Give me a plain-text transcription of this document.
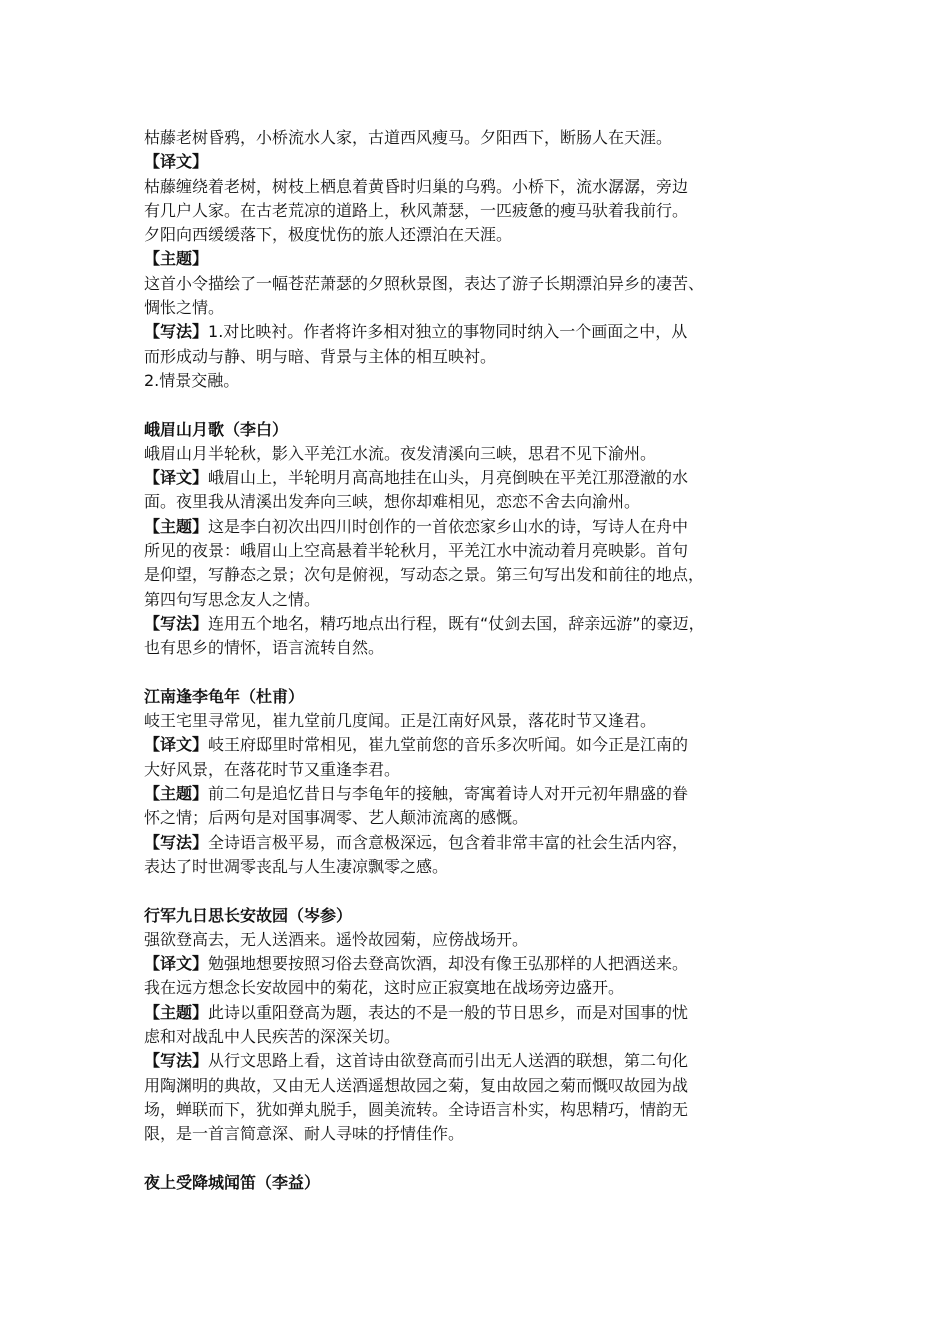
枯藤老树昏鸦，小桥流水人家，古道西风瘦马。夕阳西下，断肠人在天涯。
【译文】
枯藤缠绕着老树，树枝上栖息着黄昏时归巢的乌鸦。小桥下，流水潺潺，旁边
有几户人家。在古老荒凉的道路上，秋风萧瑟，一匹疲惫的瘦马驮着我前行。
夕阳向西缓缓落下，极度忧伤的旅人还漂泊在天涯。
【主题】
这首小令描绘了一幅苍茫萧瑟的夕照秋景图，表达了游子长期漂泊异乡的凄苦、
惆怅之情。
【写法】1.对比映衬。作者将许多相对独立的事物同时纳入一个画面之中，从
而形成动与静、明与暗、背景与主体的相互映衬。
2.情景交融。
峨眉山月歌（李白）
峨眉山月半轮秋，影入平羌江水流。夜发清溪向三峡，思君不见下渝州。
【译文】峨眉山上，半轮明月高高地挂在山头，月亮倒映在平羌江那澄澈的水
面。夜里我从清溪出发奔向三峡，想你却难相见，恋恋不舍去向渝州。
【主题】这是李白初次出四川时创作的一首依恋家乡山水的诗，写诗人在舟中
所见的夜景：峨眉山上空高悬着半轮秋月，平羌江水中流动着月亮映影。首句
是仰望，写静态之景；次句是俯视，写动态之景。第三句写出发和前往的地点，
第四句写思念友人之情。
【写法】连用五个地名，精巧地点出行程，既有“仗剑去国，辞亲远游”的豪迈，
也有思乡的情怀，语言流转自然。
江南逢李龟年（杜甫）
岐王宅里寻常见，崔九堂前几度闻。正是江南好风景，落花时节又逢君。
【译文】岐王府邸里时常相见，崔九堂前您的音乐多次听闻。如今正是江南的
大好风景，在落花时节又重逢李君。
【主题】前二句是追忆昔日与李龟年的接触，寄寓着诗人对开元初年鼎盛的眷
怀之情；后两句是对国事凋零、艺人颠沛流离的感慨。
【写法】全诗语言极平易，而含意极深远，包含着非常丰富的社会生活内容，
表达了时世凋零丧乱与人生凄凉飘零之感。
行军九日思长安故园（岑参）
强欲登高去，无人送酒来。遥怜故园菊，应傍战场开。
【译文】勉强地想要按照习俗去登高饮酒，却没有像王弘那样的人把酒送来。
我在远方想念长安故园中的菊花，这时应正寂寞地在战场旁边盛开。
【主题】此诗以重阳登高为题，表达的不是一般的节日思乡，而是对国事的忧
虑和对战乱中人民疾苦的深深关切。
【写法】从行文思路上看，这首诗由欲登高而引出无人送酒的联想，第二句化
用陶渊明的典故，又由无人送酒遥想故园之菊，复由故园之菊而慨叹故园为战
场，蝉联而下，犹如弹丸脱手，圆美流转。全诗语言朴实，构思精巧，情韵无
限，是一首言简意深、耐人寻味的抒情佳作。
夜上受降城闻笛（李益）
